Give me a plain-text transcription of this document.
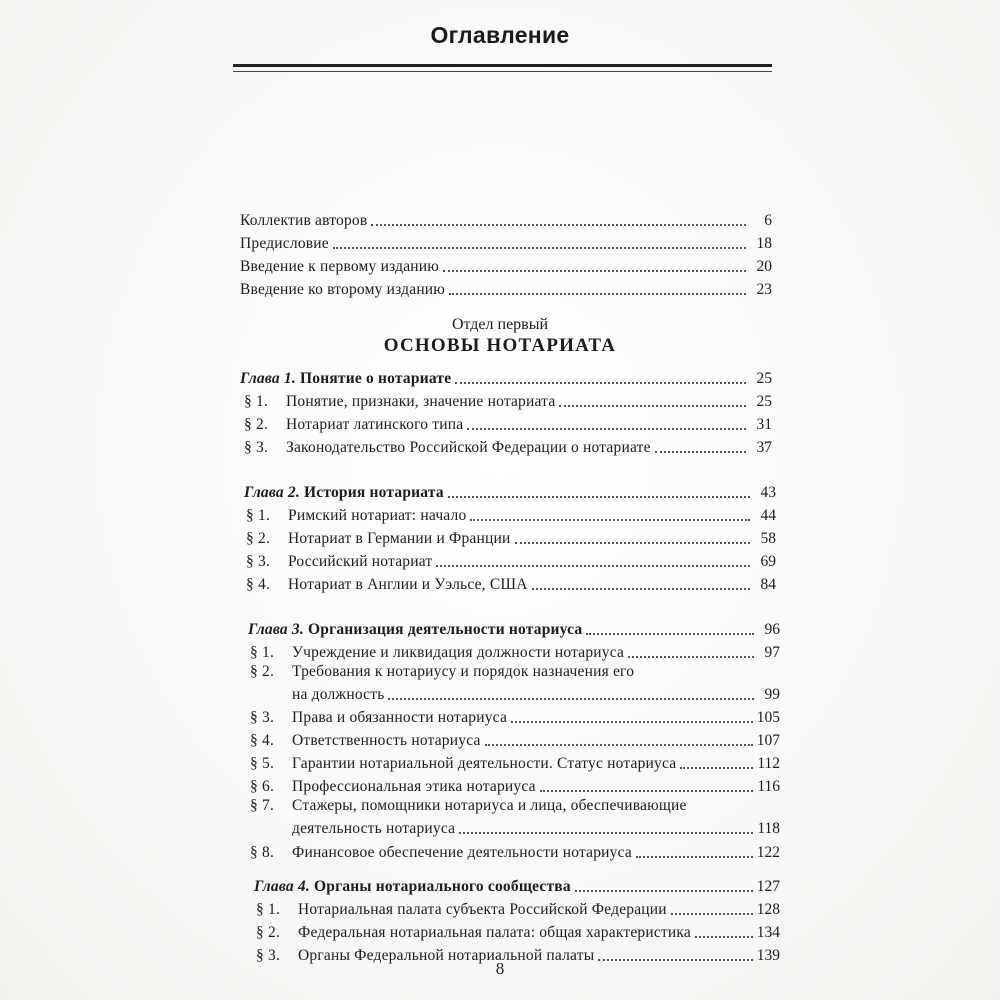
Оглавление
Коллектив авторов	6
Предисловие	18
Введение к первому изданию	20
Введение ко второму изданию	23
Отдел первый
ОСНОВЫ НОТАРИАТА
Глава 1. Понятие о нотариате	25
§ 1. Понятие, признаки, значение нотариата	25
§ 2. Нотариат латинского типа	31
§ 3. Законодательство Российской Федерации о нотариате	37
Глава 2. История нотариата	43
§ 1. Римский нотариат: начало	44
§ 2. Нотариат в Германии и Франции	58
§ 3. Российский нотариат	69
§ 4. Нотариат в Англии и Уэльсе, США	84
Глава 3. Организация деятельности нотариуса	96
§ 1. Учреждение и ликвидация должности нотариуса	97
§ 2. Требования к нотариусу и порядок назначения его
на должность	99
§ 3. Права и обязанности нотариуса	105
§ 4. Ответственность нотариуса	107
§ 5. Гарантии нотариальной деятельности. Статус нотариуса	112
§ 6. Профессиональная этика нотариуса	116
§ 7. Стажеры, помощники нотариуса и лица, обеспечивающие
деятельность нотариуса	118
§ 8. Финансовое обеспечение деятельности нотариуса	122
Глава 4. Органы нотариального сообщества	127
§ 1. Нотариальная палата субъекта Российской Федерации	128
§ 2. Федеральная нотариальная палата: общая характеристика	134
§ 3. Органы Федеральной нотариальной палаты	139
8
